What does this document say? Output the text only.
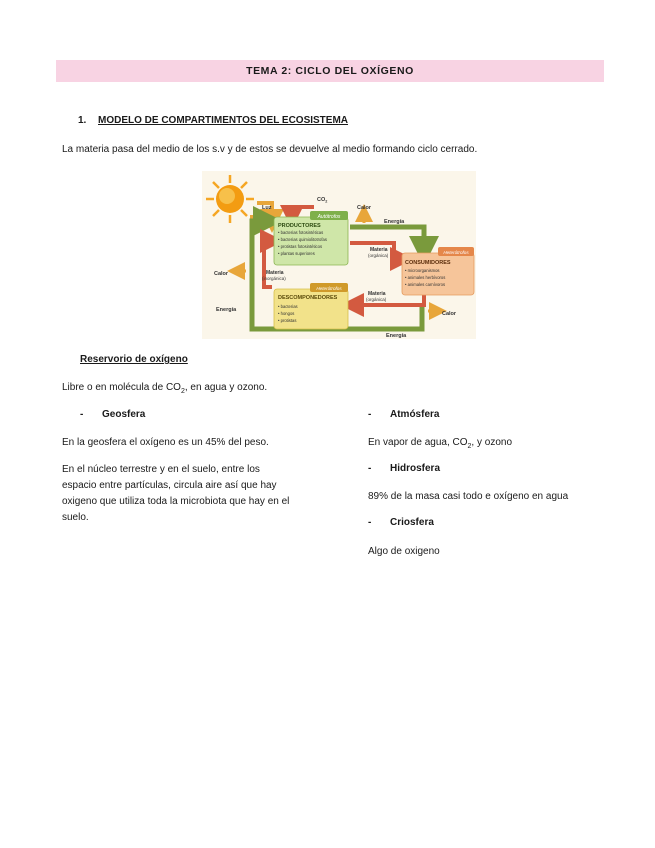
TEMA 2: CICLO DEL OXÍGENO
1. MODELO DE COMPARTIMENTOS DEL ECOSISTEMA
La materia pasa del medio de los s.v y de estos se devuelve al medio formando ciclo cerrado.
Autótrofos
PRODUCTORES
• bacterias fotosintéticas
• bacterias quimiolitotrofas
• protistas fotosintéticos
• plantas superiores	Heterótrofos
CONSUMIDORES
• microorganismos
• animales herbívoros
• animales carnívoros
Heterótrofos
DESCOMPONEDORES
• bacterias
• hongos
• protistas
Luz
$CO_2$
Calor
Energía
Materia
(orgánica)
Calor	Materia
(inorgánica)
Energía
Materia
(orgánica)
Calor
Energía
Reservorio de oxígeno
Libre o en molécula de $CO_2$, en agua y ozono.
- Geosfera
En la geosfera el oxígeno es un 45% del peso.
En el núcleo terrestre y en el suelo, entre los
espacio entre partículas, circula aire así que hay
oxigeno que utiliza toda la microbiota que hay en el
suelo.
- Atmósfera
En vapor de agua, $CO_2$, y ozono
- Hidrosfera
89% de la masa casi todo e oxígeno en agua
- Criosfera
Algo de oxigeno
